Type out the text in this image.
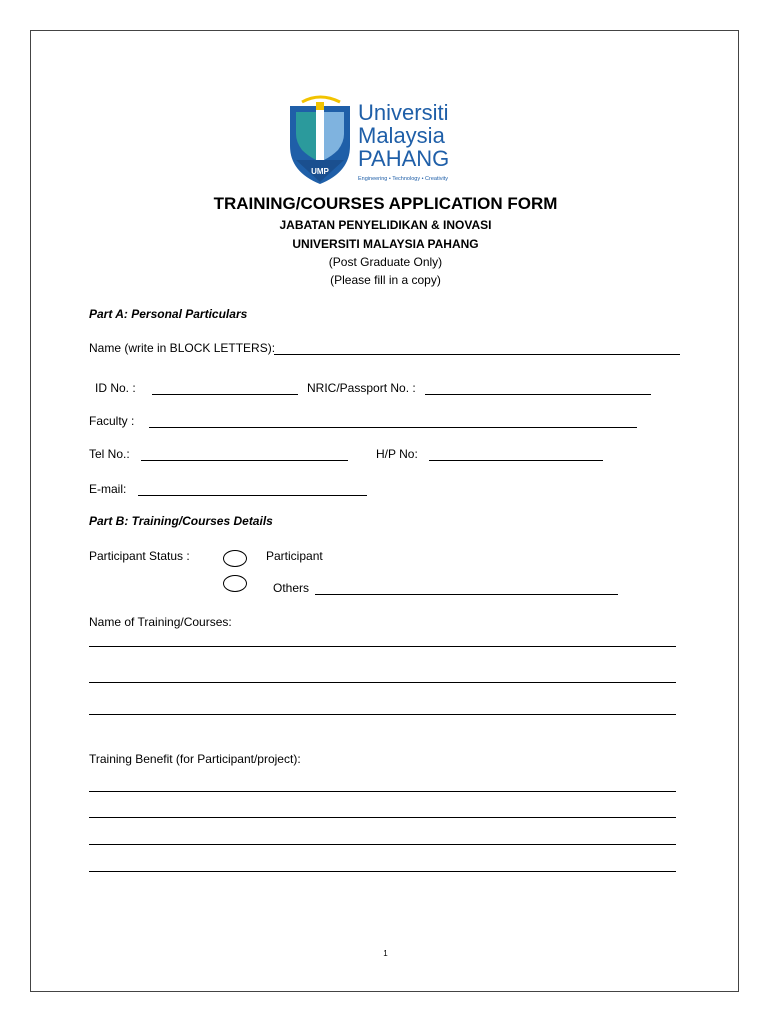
UMP
Universiti
Malaysia
PAHANG
Engineering • Technology • Creativity
TRAINING/COURSES APPLICATION FORM
JABATAN PENYELIDIKAN & INOVASI
UNIVERSITI MALAYSIA PAHANG
(Post Graduate Only)
(Please fill in a copy)
Part A: Personal Particulars
Name (write in BLOCK LETTERS):
ID No. :	NRIC/Passport No. :
Faculty :
Tel No.:	H/P No:
E-mail:
Part B: Training/Courses Details
Participant Status :	Participant
Others
Name of Training/Courses:
Training Benefit (for Participant/project):
1
